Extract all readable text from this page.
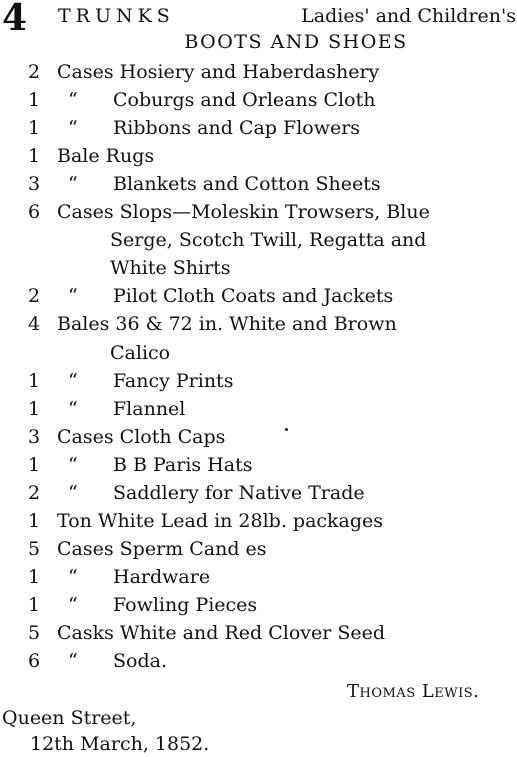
4 TRUNKS	Ladies' and Children's
BOOTS AND SHOES
2 Cases Hosiery and Haberdashery
1	“	Coburgs and Orleans Cloth
1	“	Ribbons and Cap Flowers
1 Bale Rugs
3	“	Blankets and Cotton Sheets
6 Cases Slops—Moleskin Trowsers, Blue
Serge, Scotch Twill, Regatta and
White Shirts
2	“	Pilot Cloth Coats and Jackets
4 Bales 36 & 72 in. White and Brown
Calico
1	“	Fancy Prints
1	“	Flannel
3 Cases Cloth Caps
1	“	B B Paris Hats
2	“	Saddlery for Native Trade
1 Ton White Lead in 28lb. packages
5 Cases Sperm Cand es
1	“	Hardware
1	“	Fowling Pieces
5 Casks White and Red Clover Seed
6	“	Soda.
Thomas Lewis.
Queen Street,
12th March, 1852.
